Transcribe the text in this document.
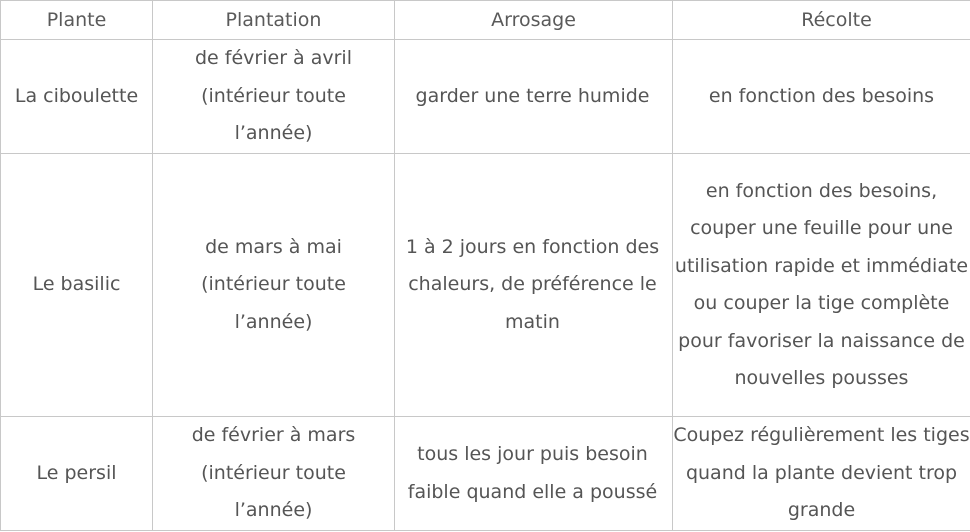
Plante	Plantation	Arrosage	Récolte
La ciboulette	de février à avril (intérieur toute l’année)	garder une terre humide	en fonction des besoins
Le basilic	de mars à mai (intérieur toute l’année)	1 à 2 jours en fonction des chaleurs, de préférence le matin	en fonction des besoins, couper une feuille pour une utilisation rapide et immédiate ou couper la tige complète pour favoriser la naissance de nouvelles pousses
Le persil	de février à mars (intérieur toute l’année)	tous les jour puis besoin faible quand elle a poussé	Coupez régulièrement les tiges quand la plante devient trop grande
